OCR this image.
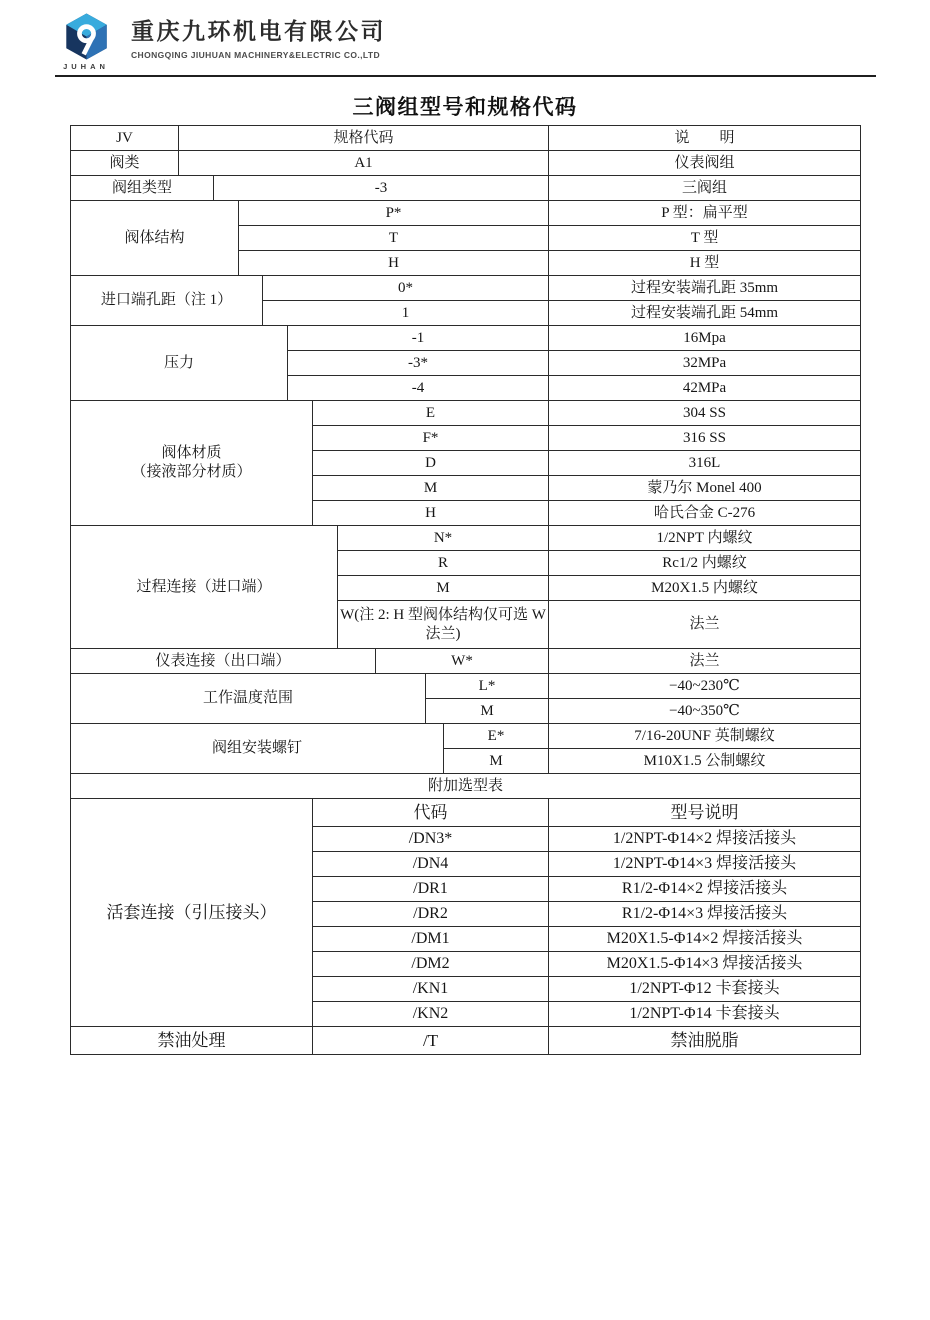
JUHAN
重庆九环机电有限公司
CHONGQING JIUHUAN MACHINERY&ELECTRIC CO.,LTD
三阀组型号和规格代码
JV	规格代码										说　　明
阀类	A1										仪表阀组
阀组类型		-3									三阀组
阀体结构			P*								P 型：扁平型
			T								T 型
			H								H 型
进口端孔距（注 1）				0*							过程安装端孔距 35mm
				1							过程安装端孔距 54mm
压力					-1						16Mpa
					-3*						32MPa
					-4						42MPa

阀体材质
（接液部分材质）						E					304 SS
						F*					316 SS
						D					316L
						M					蒙乃尔 Monel 400
						H					哈氏合金 C-276
过程连接（进口端）							N*				1/2NPT 内螺纹
							R				Rc1/2 内螺纹
							M				M20X1.5 内螺纹
							W(注 2: H 型阀体结构仅可选 W 法兰)				法兰
仪表连接（出口端）								W*			法兰
工作温度范围									L*		−40~230℃
									M		−40~350℃
阀组安装螺钉										E*	7/16-20UNF 英制螺纹
										M	M10X1.5 公制螺纹
附加选型表											
活套连接（引压接头）						代码					型号说明
						/DN3*					1/2NPT-Φ14×2 焊接活接头
						/DN4					1/2NPT-Φ14×3 焊接活接头
						/DR1					R1/2-Φ14×2 焊接活接头
						/DR2					R1/2-Φ14×3 焊接活接头
						/DM1					M20X1.5-Φ14×2 焊接活接头
						/DM2					M20X1.5-Φ14×3 焊接活接头
						/KN1					1/2NPT-Φ12 卡套接头
						/KN2					1/2NPT-Φ14 卡套接头
禁油处理						/T					禁油脱脂
